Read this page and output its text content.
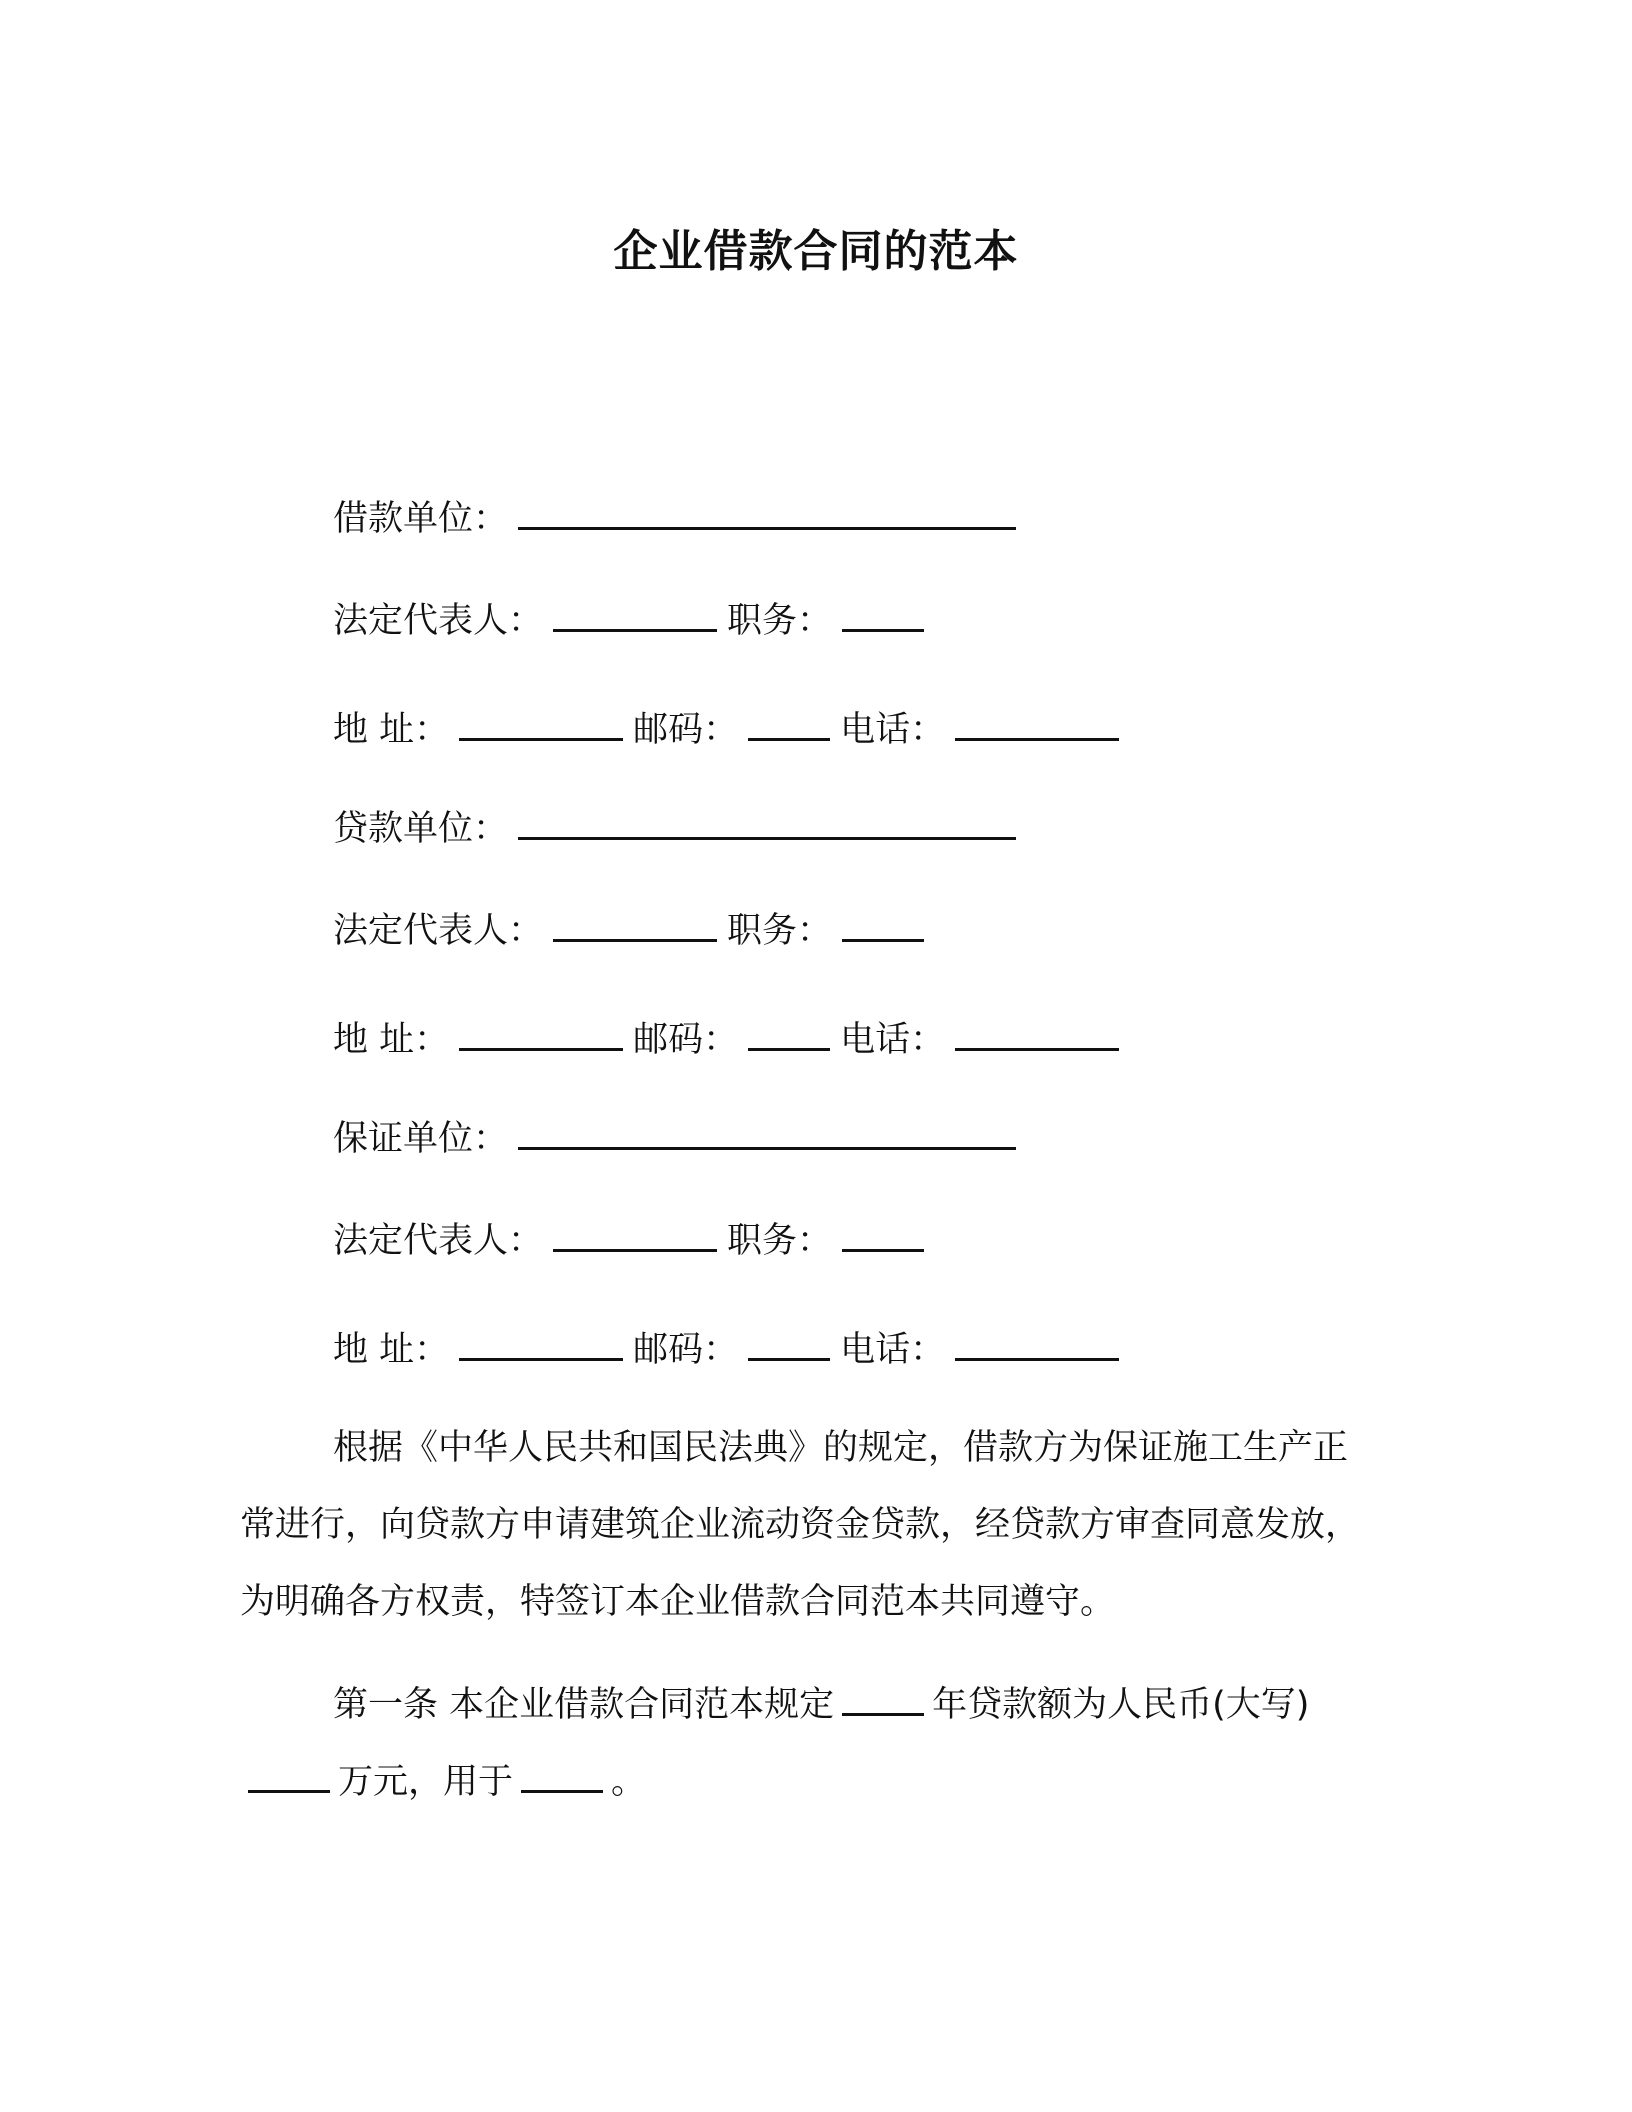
企业借款合同的范本
借款单位：
法定代表人：	职务：
地 址：	邮码：	电话：
贷款单位：
法定代表人：	职务：
地 址：	邮码：	电话：
保证单位：
法定代表人：	职务：
地 址：	邮码：	电话：
根据《中华人民共和国民法典》的规定，借款方为保证施工生产正常进行，向贷款方申请建筑企业流动资金贷款，经贷款方审查同意发放，为明确各方权责，特签订本企业借款合同范本共同遵守。
第一条 本企业借款合同范本规定	年贷款额为人民币(大写)万元，用于	。
